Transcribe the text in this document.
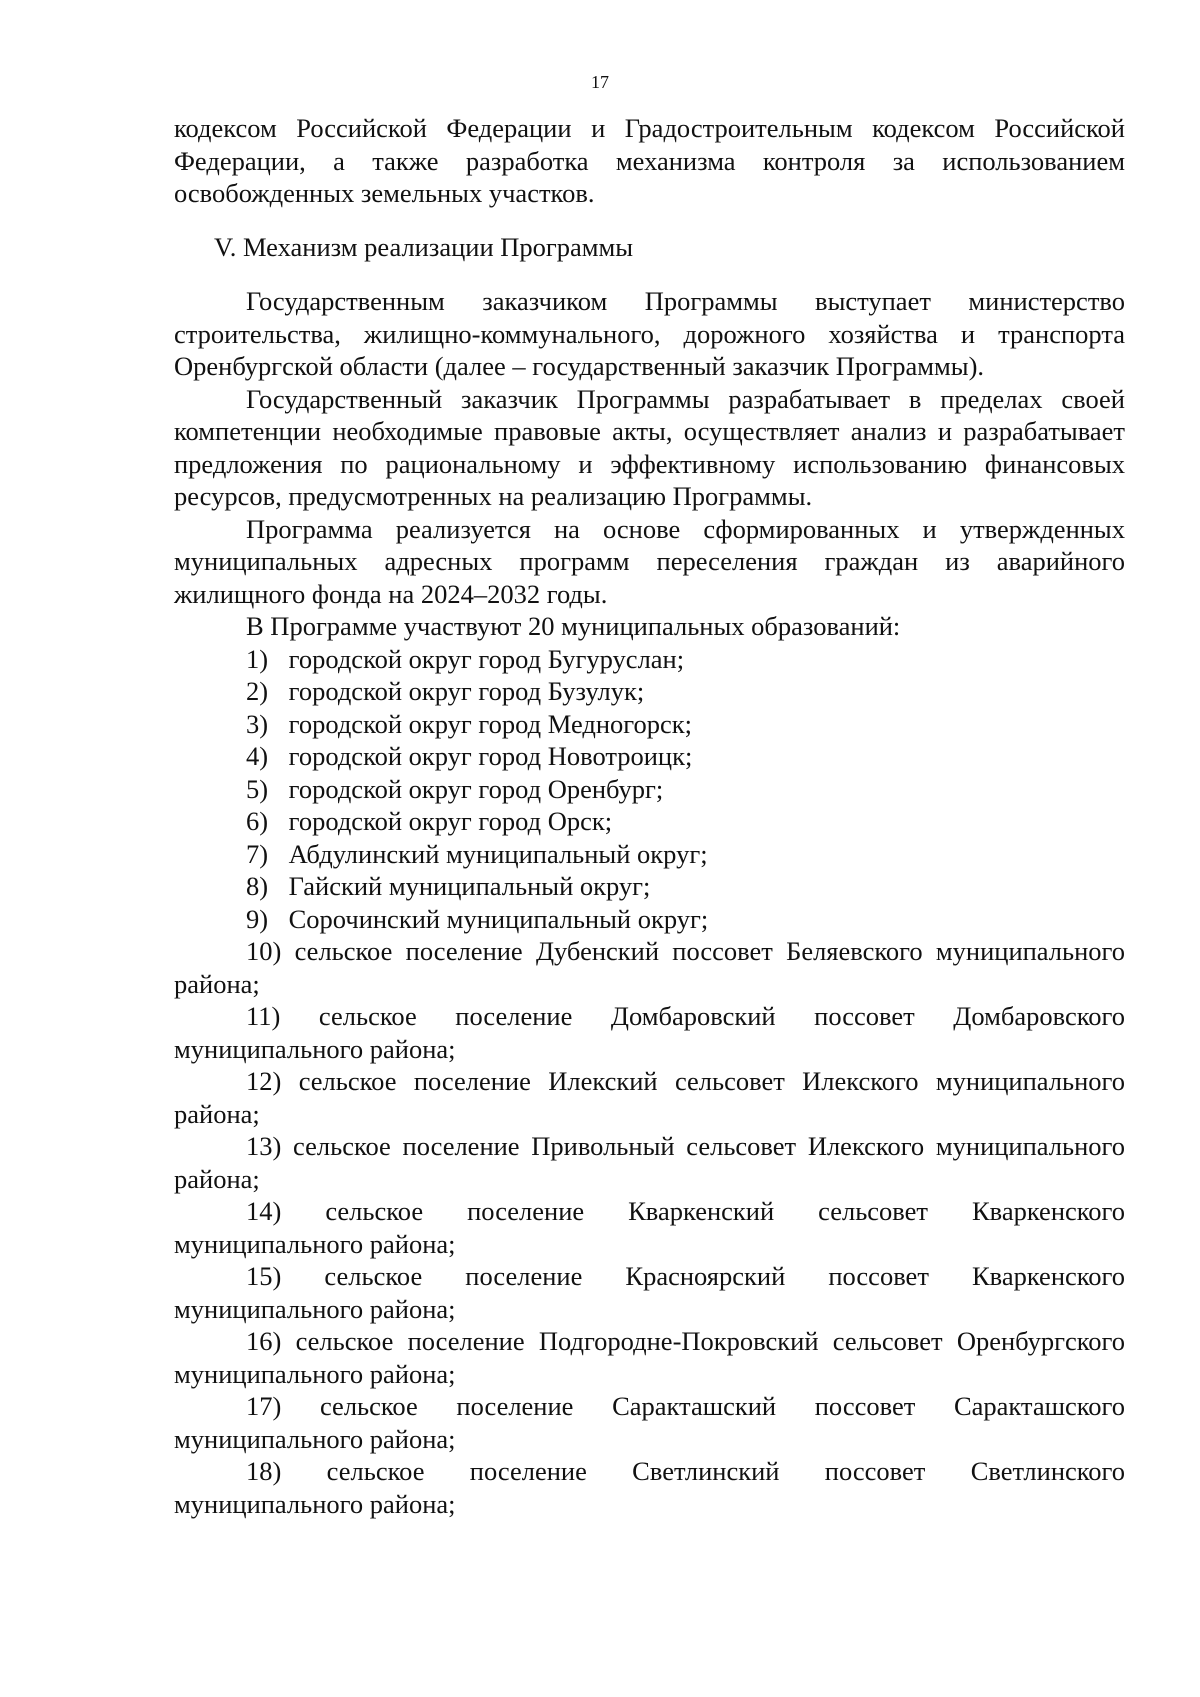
17

кодексом Российской Федерации и Градостроительным кодексом Российской Федерации, а также разработка механизма контроля за использованием освобожденных земельных участков.

V. Механизм реализации Программы

Государственным заказчиком Программы выступает министерство строительства, жилищно-коммунального, дорожного хозяйства и транспорта Оренбургской области (далее – государственный заказчик Программы).

Государственный заказчик Программы разрабатывает в пределах своей компетенции необходимые правовые акты, осуществляет анализ и разрабатывает предложения по рациональному и эффективному использованию финансовых ресурсов, предусмотренных на реализацию Программы.

Программа реализуется на основе сформированных и утвержденных муниципальных адресных программ переселения граждан из аварийного жилищного фонда на 2024–2032 годы.

В Программе участвуют 20 муниципальных образований:

1) городской округ город Бугуруслан;

2) городской округ город Бузулук;

3) городской округ город Медногорск;

4) городской округ город Новотроицк;

5) городской округ город Оренбург;

6) городской округ город Орск;

7) Абдулинский муниципальный округ;

8) Гайский муниципальный округ;

9) Сорочинский муниципальный округ;

10) сельское поселение Дубенский поссовет Беляевского муниципального района;

11) сельское поселение Домбаровский поссовет Домбаровского муниципального района;

12) сельское поселение Илекский сельсовет Илекского муниципального района;

13) сельское поселение Привольный сельсовет Илекского муниципального района;

14) сельское поселение Кваркенский сельсовет Кваркенского муниципального района;

15) сельское поселение Красноярский поссовет Кваркенского муниципального района;

16) сельское поселение Подгородне-Покровский сельсовет Оренбургского муниципального района;

17) сельское поселение Саракташский поссовет Саракташского муниципального района;

18) сельское поселение Светлинский поссовет Светлинского муниципального района;
